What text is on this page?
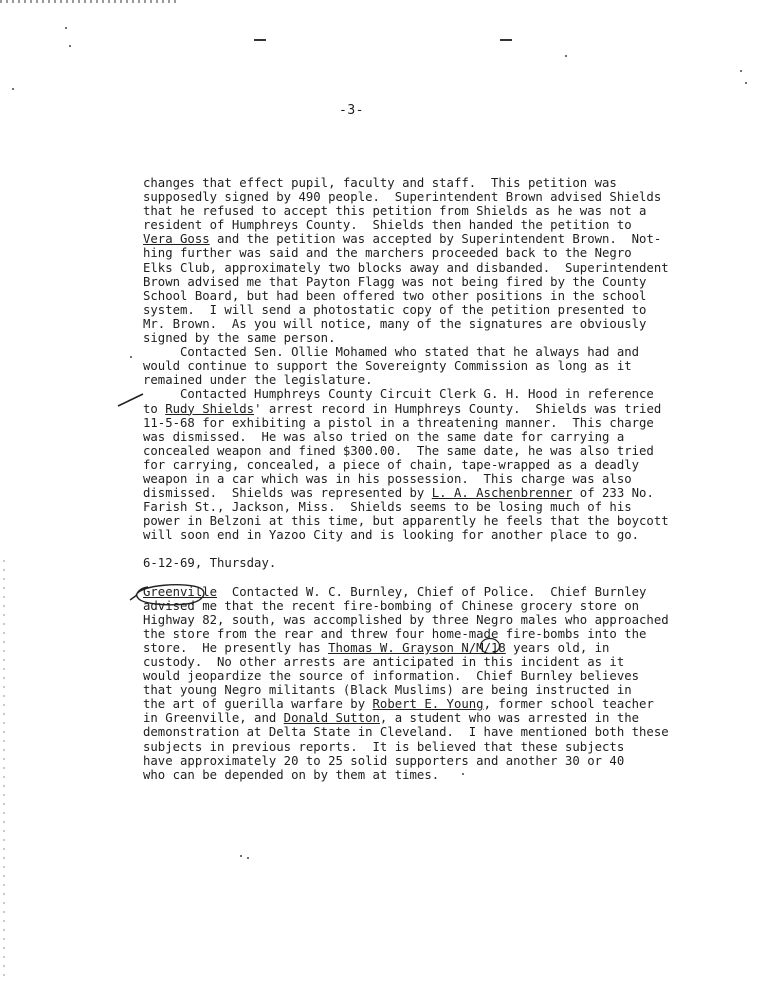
-3-
changes that effect pupil, faculty and staff.  This petition was
supposedly signed by 490 people.  Superintendent Brown advised Shields
that he refused to accept this petition from Shields as he was not a
resident of Humphreys County.  Shields then handed the petition to
Vera Goss and the petition was accepted by Superintendent Brown.  Not-
hing further was said and the marchers proceeded back to the Negro
Elks Club, approximately two blocks away and disbanded.  Superintendent
Brown advised me that Payton Flagg was not being fired by the County
School Board, but had been offered two other positions in the school
system.  I will send a photostatic copy of the petition presented to
Mr. Brown.  As you will notice, many of the signatures are obviously
signed by the same person.
Contacted Sen. Ollie Mohamed who stated that he always had and
would continue to support the Sovereignty Commission as long as it
remained under the legislature.
Contacted Humphreys County Circuit Clerk G. H. Hood in reference
to Rudy Shields' arrest record in Humphreys County.  Shields was tried
11-5-68 for exhibiting a pistol in a threatening manner.  This charge
was dismissed.  He was also tried on the same date for carrying a
concealed weapon and fined $300.00.  The same date, he was also tried
for carrying, concealed, a piece of chain, tape-wrapped as a deadly
weapon in a car which was in his possession.  This charge was also
dismissed.  Shields was represented by L. A. Aschenbrenner of 233 No.
Farish St., Jackson, Miss.  Shields seems to be losing much of his
power in Belzoni at this time, but apparently he feels that the boycott
will soon end in Yazoo City and is looking for another place to go.
6-12-69, Thursday.
Greenville  Contacted W. C. Burnley, Chief of Police.  Chief Burnley
advised me that the recent fire-bombing of Chinese grocery store on
Highway 82, south, was accomplished by three Negro males who approached
the store from the rear and threw four home-made fire-bombs into the
store.  He presently has Thomas W. Grayson N/M/18 years old, in
custody.  No other arrests are anticipated in this incident as it
would jeopardize the source of information.  Chief Burnley believes
that young Negro militants (Black Muslims) are being instructed in
the art of guerilla warfare by Robert E. Young, former school teacher
in Greenville, and Donald Sutton, a student who was arrested in the
demonstration at Delta State in Cleveland.  I have mentioned both these
subjects in previous reports.  It is believed that these subjects
have approximately 20 to 25 solid supporters and another 30 or 40
who can be depended on by them at times.
